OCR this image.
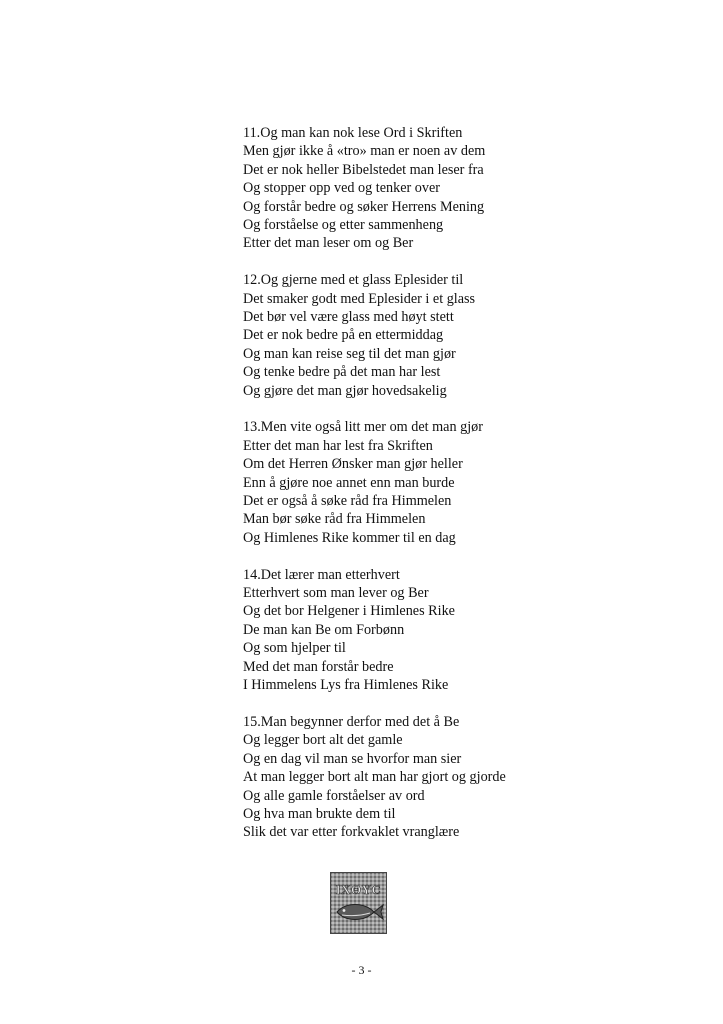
11.Og man kan nok lese Ord i Skriften
Men gjør ikke å «tro» man er noen av dem
Det er nok heller Bibelstedet man leser fra
Og stopper opp ved og tenker over
Og forstår bedre og søker Herrens Mening
Og forståelse og etter sammenheng
Etter det man leser om og Ber
12.Og gjerne med et glass Eplesider til
Det smaker godt med Eplesider i et glass
Det bør vel være glass med høyt stett
Det er nok bedre på en ettermiddag
Og man kan reise seg til det man gjør
Og tenke bedre på det man har lest
Og gjøre det man gjør hovedsakelig
13.Men vite også litt mer om det man gjør
Etter det man har lest fra Skriften
Om det Herren Ønsker man gjør heller
Enn å gjøre noe annet enn man burde
Det er også å søke råd fra Himmelen
Man bør søke råd fra Himmelen
Og Himlenes Rike kommer til en dag
14.Det lærer man etterhvert
Etterhvert som man lever og Ber
Og det bor Helgener i Himlenes Rike
De man kan Be om Forbønn
Og som hjelper til
Med det man forstår bedre
I Himmelens Lys fra Himlenes Rike
15.Man begynner derfor med det å Be
Og legger bort alt det gamle
Og en dag vil man se hvorfor man sier
At man legger bort alt man har gjort og gjorde
Og alle gamle forståelser av ord
Og hva man brukte dem til
Slik det var etter forkvaklet vranglære
IXΘYC
- 3 -
